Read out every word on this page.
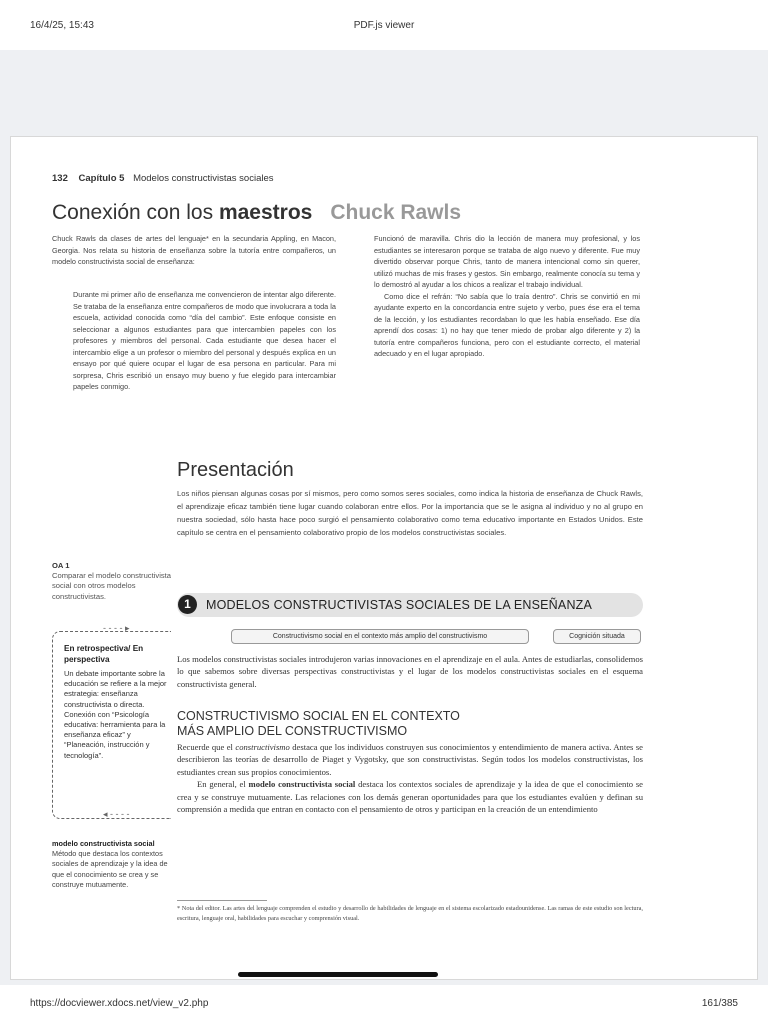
16/4/25, 15:43	PDF.js viewer
132 Capítulo 5 Modelos constructivistas sociales
Conexión con los maestros Chuck Rawls
Chuck Rawls da clases de artes del lenguaje* en la secundaria Appling, en Macon, Georgia. Nos relata su historia de enseñanza sobre la tutoría entre compañeros, un modelo constructivista social de enseñanza:
Durante mi primer año de enseñanza me convencieron de intentar algo diferente. Se trataba de la enseñanza entre compañeros de modo que involucrara a toda la escuela, actividad conocida como “día del cambio”. Este enfoque consiste en seleccionar a algunos estudiantes para que intercambien papeles con los profesores y miembros del personal. Cada estudiante que desea hacer el intercambio elige a un profesor o miembro del personal y después explica en un ensayo por qué quiere ocupar el lugar de esa persona en particular. Para mi sorpresa, Chris escribió un ensayo muy bueno y fue elegido para intercambiar papeles conmigo.

Funcionó de maravilla. Chris dio la lección de manera muy profesional, y los estudiantes se interesaron porque se trataba de algo nuevo y diferente. Fue muy divertido observar porque Chris, tanto de manera intencional como sin querer, utilizó muchas de mis frases y gestos. Sin embargo, realmente conocía su tema y lo demostró al ayudar a los chicos a realizar el trabajo individual.

Como dice el refrán: “No sabía que lo traía dentro”. Chris se convirtió en mi ayudante experto en la concordancia entre sujeto y verbo, pues ése era el tema de la lección, y los estudiantes recordaban lo que les había enseñado. Ese día aprendí dos cosas: 1) no hay que tener miedo de probar algo diferente y 2) la tutoría entre compañeros funciona, pero con el estudiante correcto, el material adecuado y en el lugar apropiado.

Presentación
Los niños piensan algunas cosas por sí mismos, pero como somos seres sociales, como indica la historia de enseñanza de Chuck Rawls, el aprendizaje eficaz también tiene lugar cuando colaboran entre ellos. Por la importancia que se le asigna al individuo y no al grupo en nuestra sociedad, sólo hasta hace poco surgió el pensamiento colaborativo como tema educativo importante en Estados Unidos. Este capítulo se centra en el pensamiento colaborativo propio de los modelos constructivistas sociales.
OA 1
Comparar el modelo constructivista social con otros modelos constructivistas.
1	MODELOS CONSTRUCTIVISTAS SOCIALES DE LA ENSEÑANZA
Constructivismo social en el contexto más amplio del constructivismo	Cognición situada
- - - - ▸
En retrospectiva/ En perspectiva
Un debate importante sobre la educación se refiere a la mejor estrategia: enseñanza constructivista o directa. Conexión con “Psicología educativa: herramienta para la enseñanza eficaz” y “Planeación, instrucción y tecnología”.
◂ - - - -
Los modelos constructivistas sociales introdujeron varias innovaciones en el aprendizaje en el aula. Antes de estudiarlas, consolidemos lo que sabemos sobre diversas perspectivas constructivistas y el lugar de los modelos constructivistas sociales en el esquema constructivista general.
CONSTRUCTIVISMO SOCIAL EN EL CONTEXTO
MÁS AMPLIO DEL CONSTRUCTIVISMO

Recuerde que el constructivismo destaca que los individuos construyen sus conocimientos y entendimiento de manera activa. Antes se describieron las teorías de desarrollo de Piaget y Vygotsky, que son constructivistas. Según todos los modelos constructivistas, los estudiantes crean sus propios conocimientos.

En general, el modelo constructivista social destaca los contextos sociales de aprendizaje y la idea de que el conocimiento se crea y se construye mutuamente. Las relaciones con los demás generan oportunidades para que los estudiantes evalúen y definan su comprensión a medida que entran en contacto con el pensamiento de otros y participan en la creación de un entendimiento

modelo constructivista social Método que destaca los contextos sociales de aprendizaje y la idea de que el conocimiento se crea y se construye mutuamente.
* Nota del editor. Las artes del lenguaje comprenden el estudio y desarrollo de habilidades de lenguaje en el sistema escolarizado estadounidense. Las ramas de este estudio son lectura, escritura, lenguaje oral, habilidades para escuchar y comprensión visual.
https://docviewer.xdocs.net/view_v2.php	161/385
